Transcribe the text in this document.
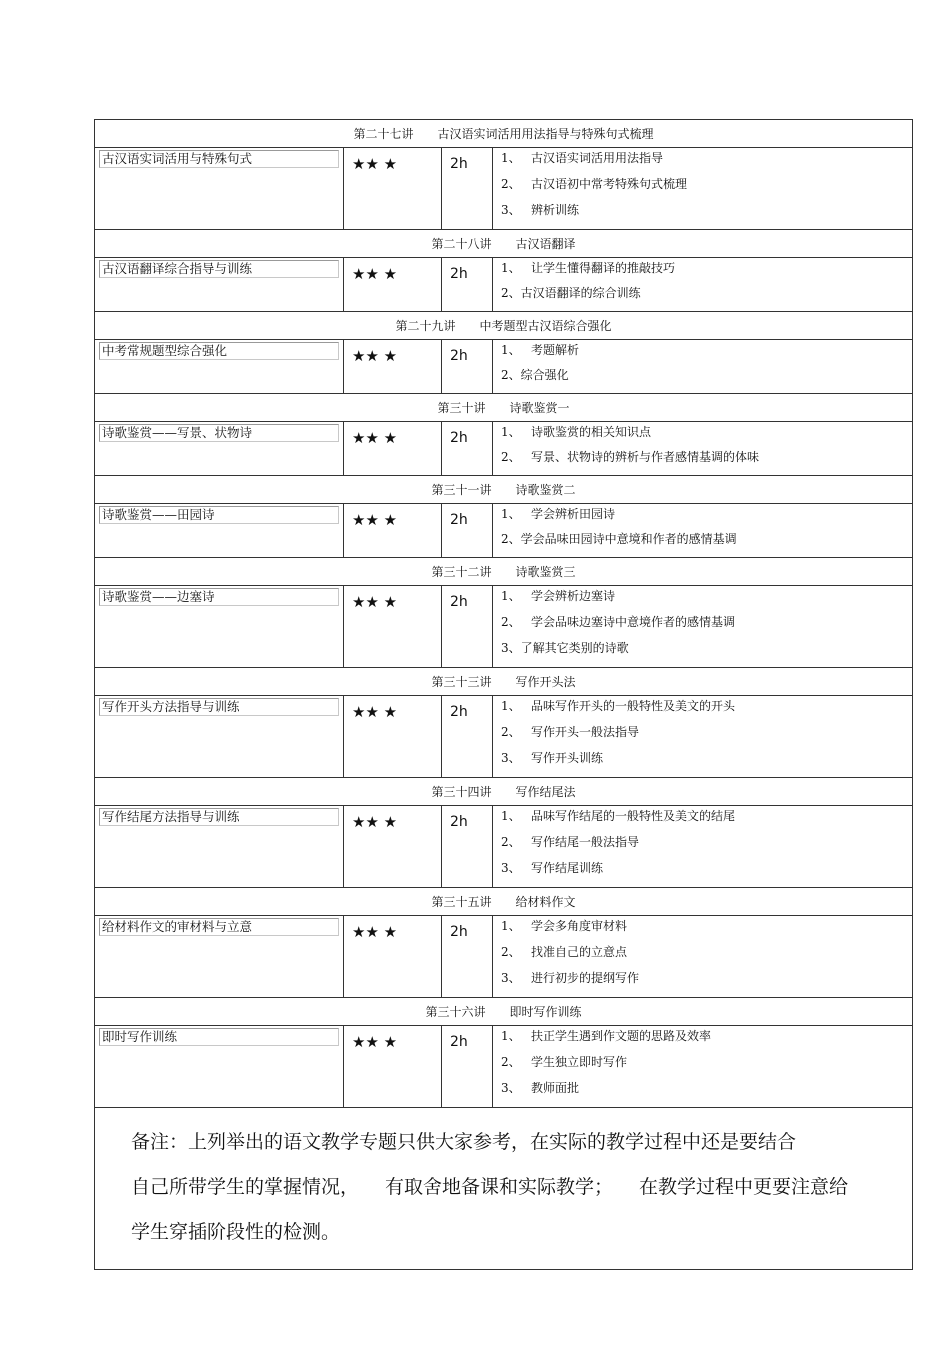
第二十七讲 古汉语实词活用用法指导与特殊句式梳理			

古汉语实词活用与特殊句式	★★ ★	2h	1、 古汉语实词活用用法指导
2、 古汉语初中常考特殊句式梳理
3、 辨析训练

第二十八讲 古汉语翻译			

古汉语翻译综合指导与训练	★★ ★	2h	1、 让学生懂得翻译的推敲技巧
2、古汉语翻译的综合训练

第二十九讲 中考题型古汉语综合强化			

中考常规题型综合强化	★★ ★	2h	1、 考题解析
2、综合强化

第三十讲 诗歌鉴赏一			

诗歌鉴赏——写景、状物诗	★★ ★	2h	1、 诗歌鉴赏的相关知识点
2、 写景、状物诗的辨析与作者感情基调的体味

第三十一讲 诗歌鉴赏二			

诗歌鉴赏——田园诗	★★ ★	2h	1、 学会辨析田园诗
2、学会品味田园诗中意境和作者的感情基调

第三十二讲 诗歌鉴赏三			

诗歌鉴赏——边塞诗	★★ ★	2h	1、 学会辨析边塞诗
2、 学会品味边塞诗中意境作者的感情基调
3、了解其它类别的诗歌

第三十三讲 写作开头法			

写作开头方法指导与训练	★★ ★	2h	1、 品味写作开头的一般特性及美文的开头
2、 写作开头一般法指导
3、 写作开头训练

第三十四讲 写作结尾法			

写作结尾方法指导与训练	★★ ★	2h	1、 品味写作结尾的一般特性及美文的结尾
2、 写作结尾一般法指导
3、 写作结尾训练

第三十五讲 给材料作文			

给材料作文的审材料与立意	★★ ★	2h	1、 学会多角度审材料
2、 找准自己的立意点
3、 进行初步的提纲写作

第三十六讲 即时写作训练			

即时写作训练	★★ ★	2h	1、 扶正学生遇到作文题的思路及效率
2、 学生独立即时写作
3、 教师面批

备注：上列举出的语文教学专题只供大家参考，在实际的教学过程中还是要结合
自己所带学生的掌握情况， 有取舍地备课和实际教学； 在教学过程中更要注意给
学生穿插阶段性的检测。			
